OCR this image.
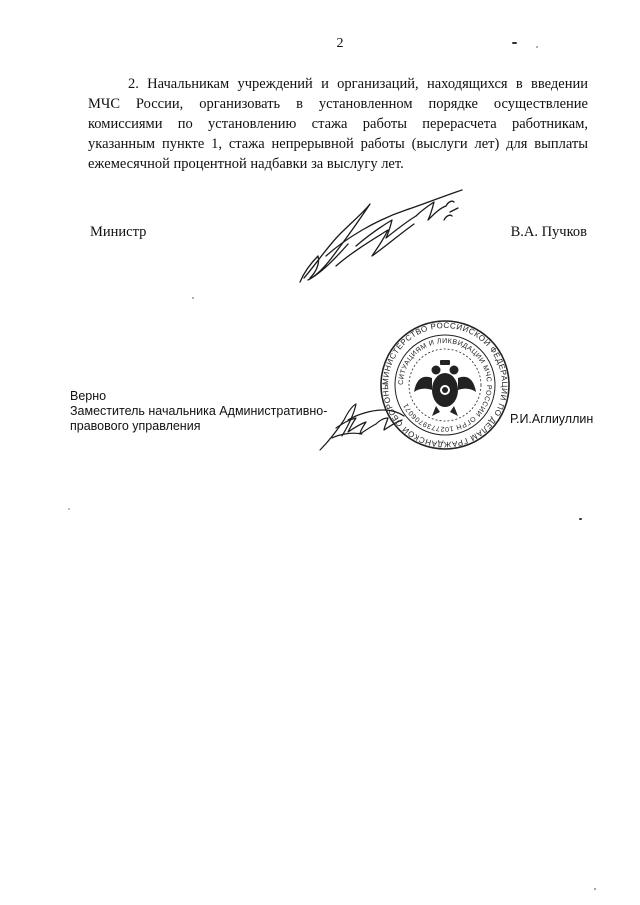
2
2. Начальникам учреждений и организаций, находящихся в введении
МЧС России, организовать в установленном порядке осуществление
комиссиями по установлению стажа работы перерасчета работникам,
указанным пункте 1, стажа непрерывной работы (выслуги лет) для выплаты
ежемесячной процентной надбавки за выслугу лет.
Министр	В.А. Пучков
Верно
Заместитель начальника Административно-
правового управления
МИНИСТЕРСТВО РОССИЙСКОЙ ФЕДЕРАЦИИ ПО ДЕЛАМ ГРАЖДАНСКОЙ ОБОРОНЫ	СИТУАЦИЯМ И ЛИКВИДАЦИИ МЧС РОССИИ ОГРН 1027739706071
Р.И.Аглиуллин
